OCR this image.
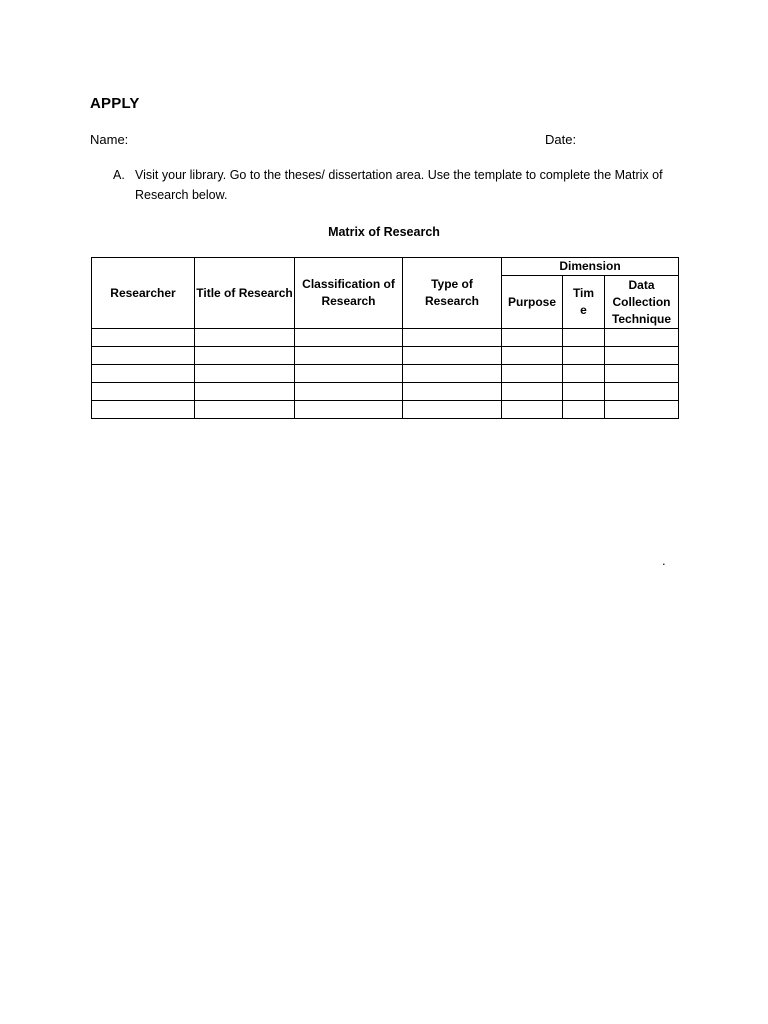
APPLY
Name:	Date:
A. Visit your library. Go to the theses/ dissertation area. Use the template to complete the Matrix of Research below.
Matrix of Research
Researcher	Title of Research	Classification of Research	Type of Research	Dimension		
				Purpose	Tim e	Data Collection Technique

.
